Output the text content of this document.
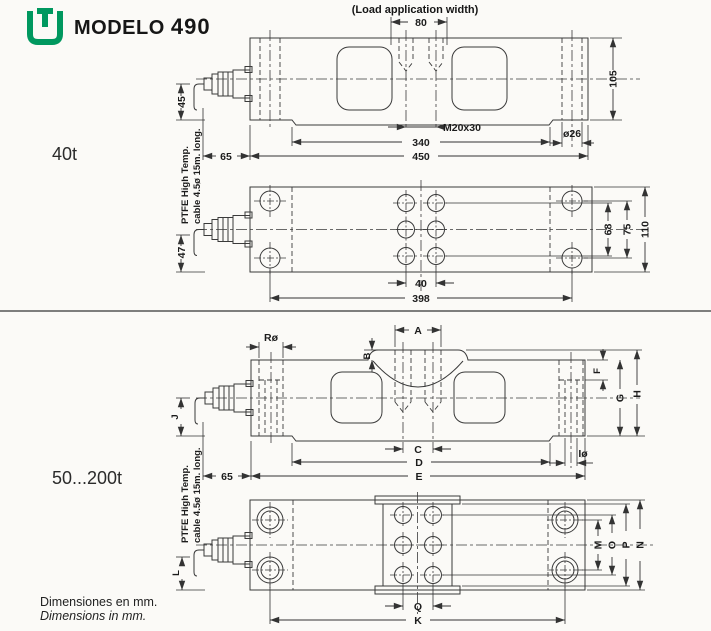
MODELO 490
40t
50...200t
(Load application width)
80
105
M20x30
340
65	450
ø26
45
68 75 110
40
398
47
PTFE High Temp. cable 4.5ø 15m. long.
A
B
Rø
F
G H
Iø
J
C
D
65	E
M O P N
Q
K
L
PTFE High Temp. cable 4.5ø 15m. long.
Dimensiones en mm.
Dimensions in mm.
